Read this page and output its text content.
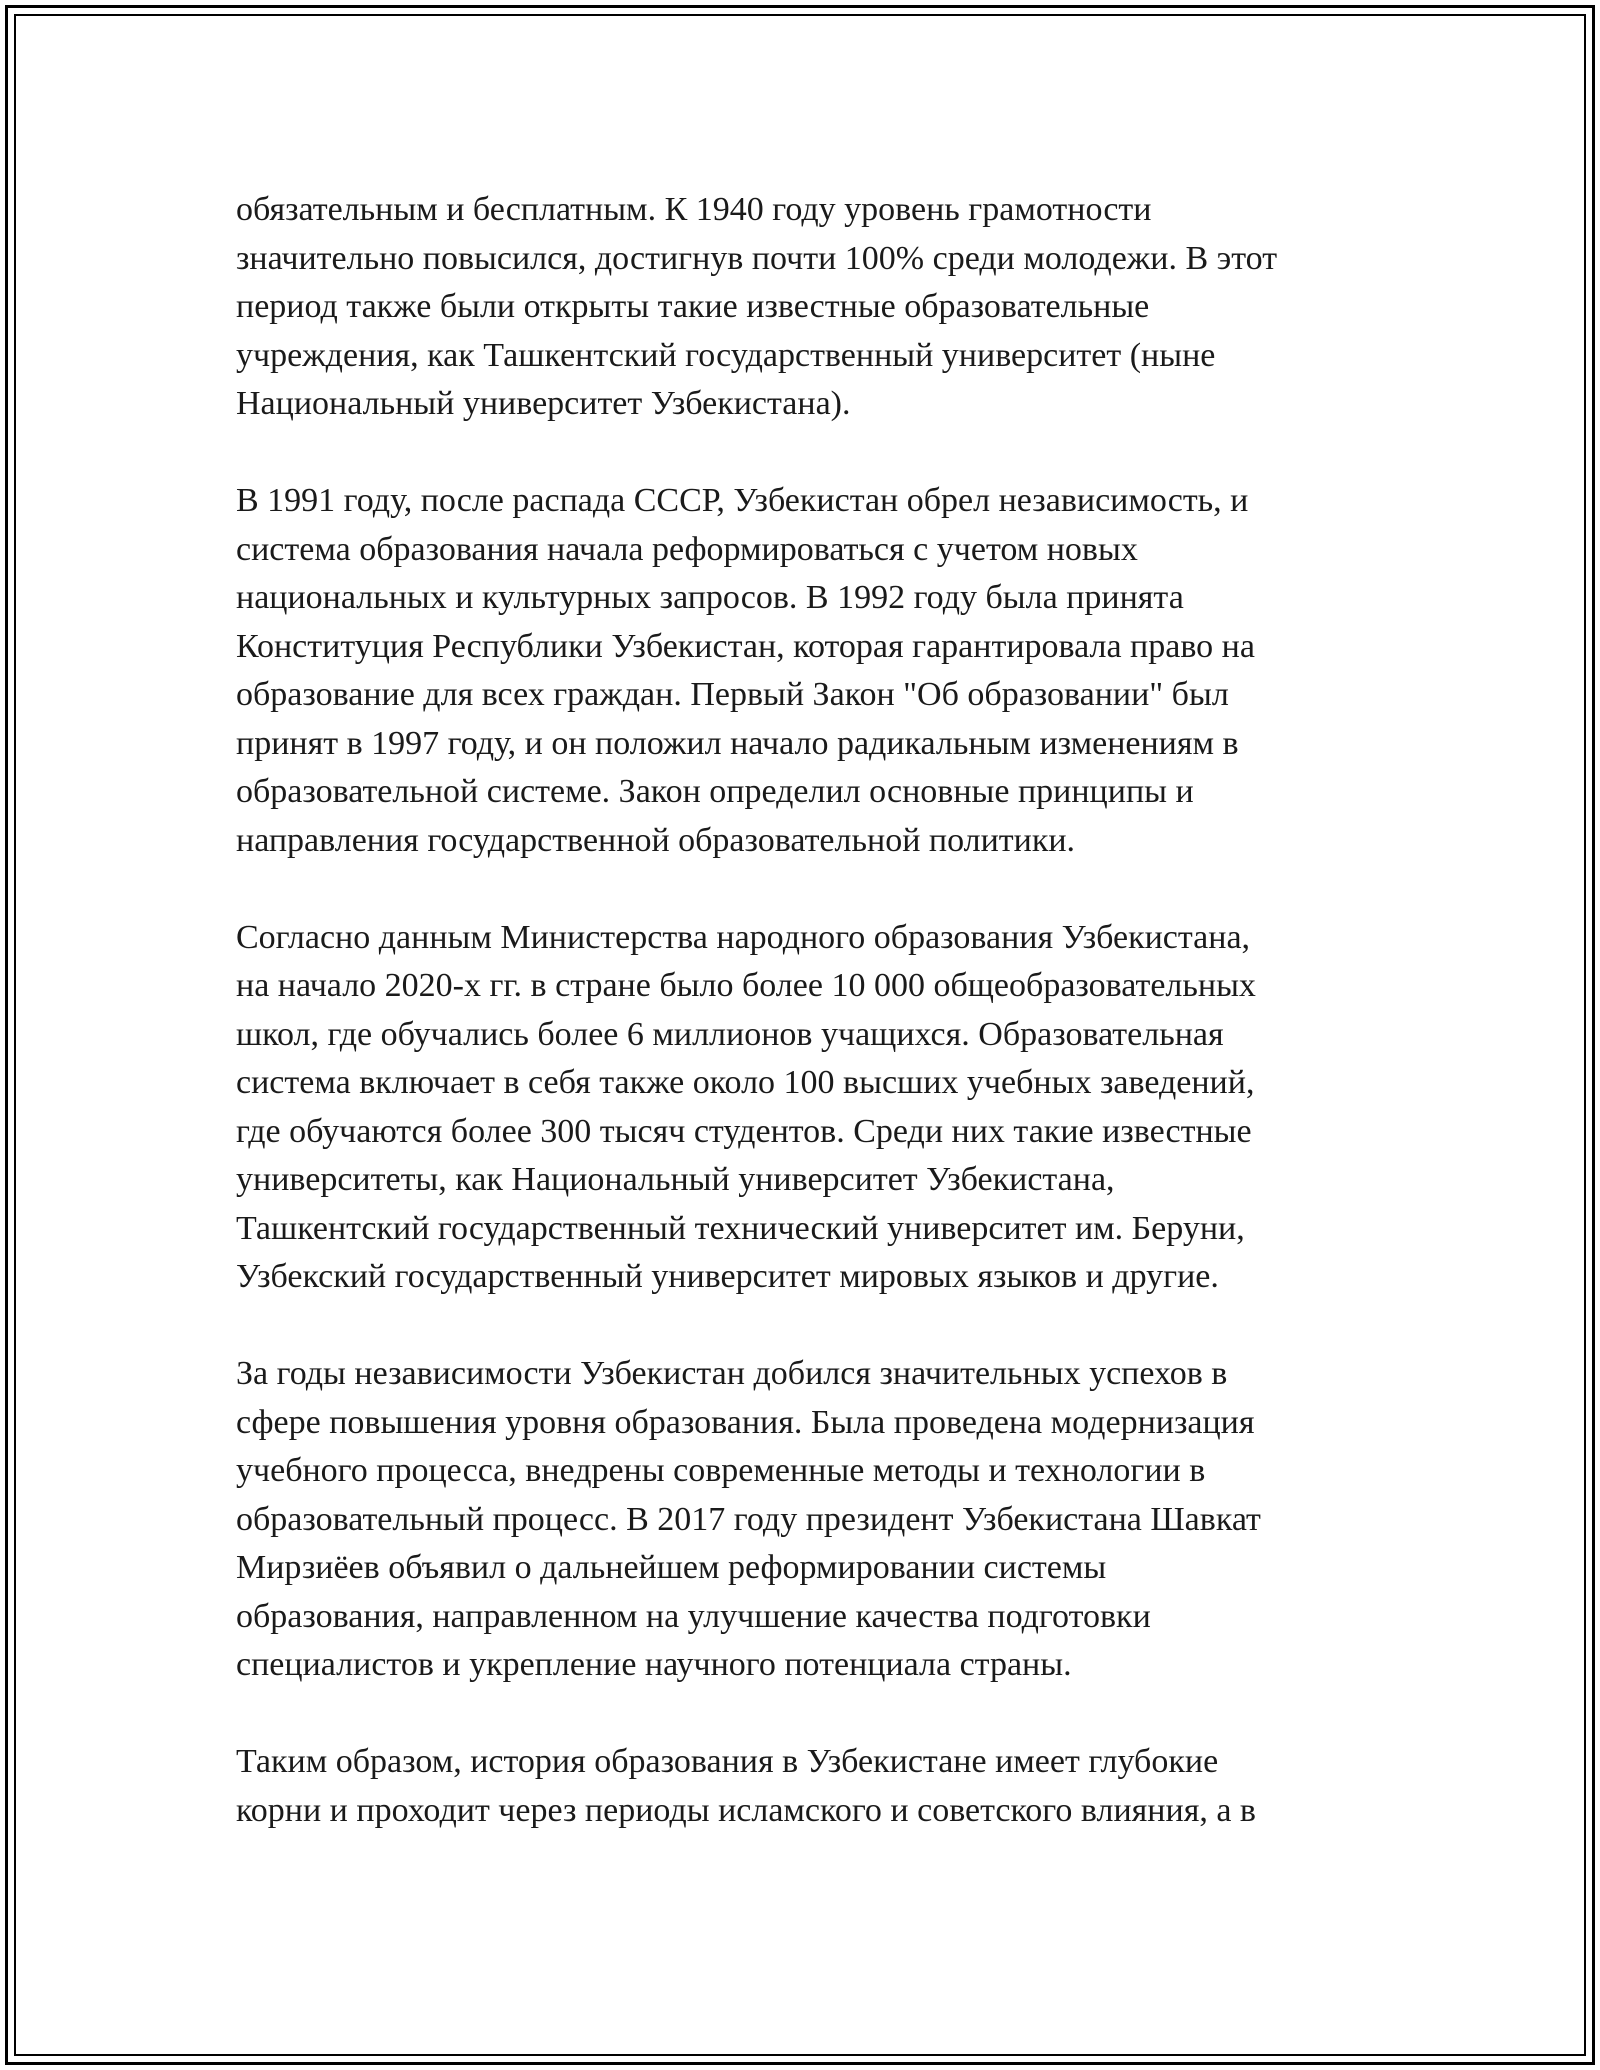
обязательным и бесплатным. К 1940 году уровень грамотности
значительно повысился, достигнув почти 100% среди молодежи. В этот
период также были открыты такие известные образовательные
учреждения, как Ташкентский государственный университет (ныне
Национальный университет Узбекистана).
В 1991 году, после распада СССР, Узбекистан обрел независимость, и
система образования начала реформироваться с учетом новых
национальных и культурных запросов. В 1992 году была принята
Конституция Республики Узбекистан, которая гарантировала право на
образование для всех граждан. Первый Закон "Об образовании" был
принят в 1997 году, и он положил начало радикальным изменениям в
образовательной системе. Закон определил основные принципы и
направления государственной образовательной политики.
Согласно данным Министерства народного образования Узбекистана,
на начало 2020-х гг. в стране было более 10 000 общеобразовательных
школ, где обучались более 6 миллионов учащихся. Образовательная
система включает в себя также около 100 высших учебных заведений,
где обучаются более 300 тысяч студентов. Среди них такие известные
университеты, как Национальный университет Узбекистана,
Ташкентский государственный технический университет им. Беруни,
Узбекский государственный университет мировых языков и другие.
За годы независимости Узбекистан добился значительных успехов в
сфере повышения уровня образования. Была проведена модернизация
учебного процесса, внедрены современные методы и технологии в
образовательный процесс. В 2017 году президент Узбекистана Шавкат
Мирзиёев объявил о дальнейшем реформировании системы
образования, направленном на улучшение качества подготовки
специалистов и укрепление научного потенциала страны.
Таким образом, история образования в Узбекистане имеет глубокие
корни и проходит через периоды исламского и советского влияния, а в
